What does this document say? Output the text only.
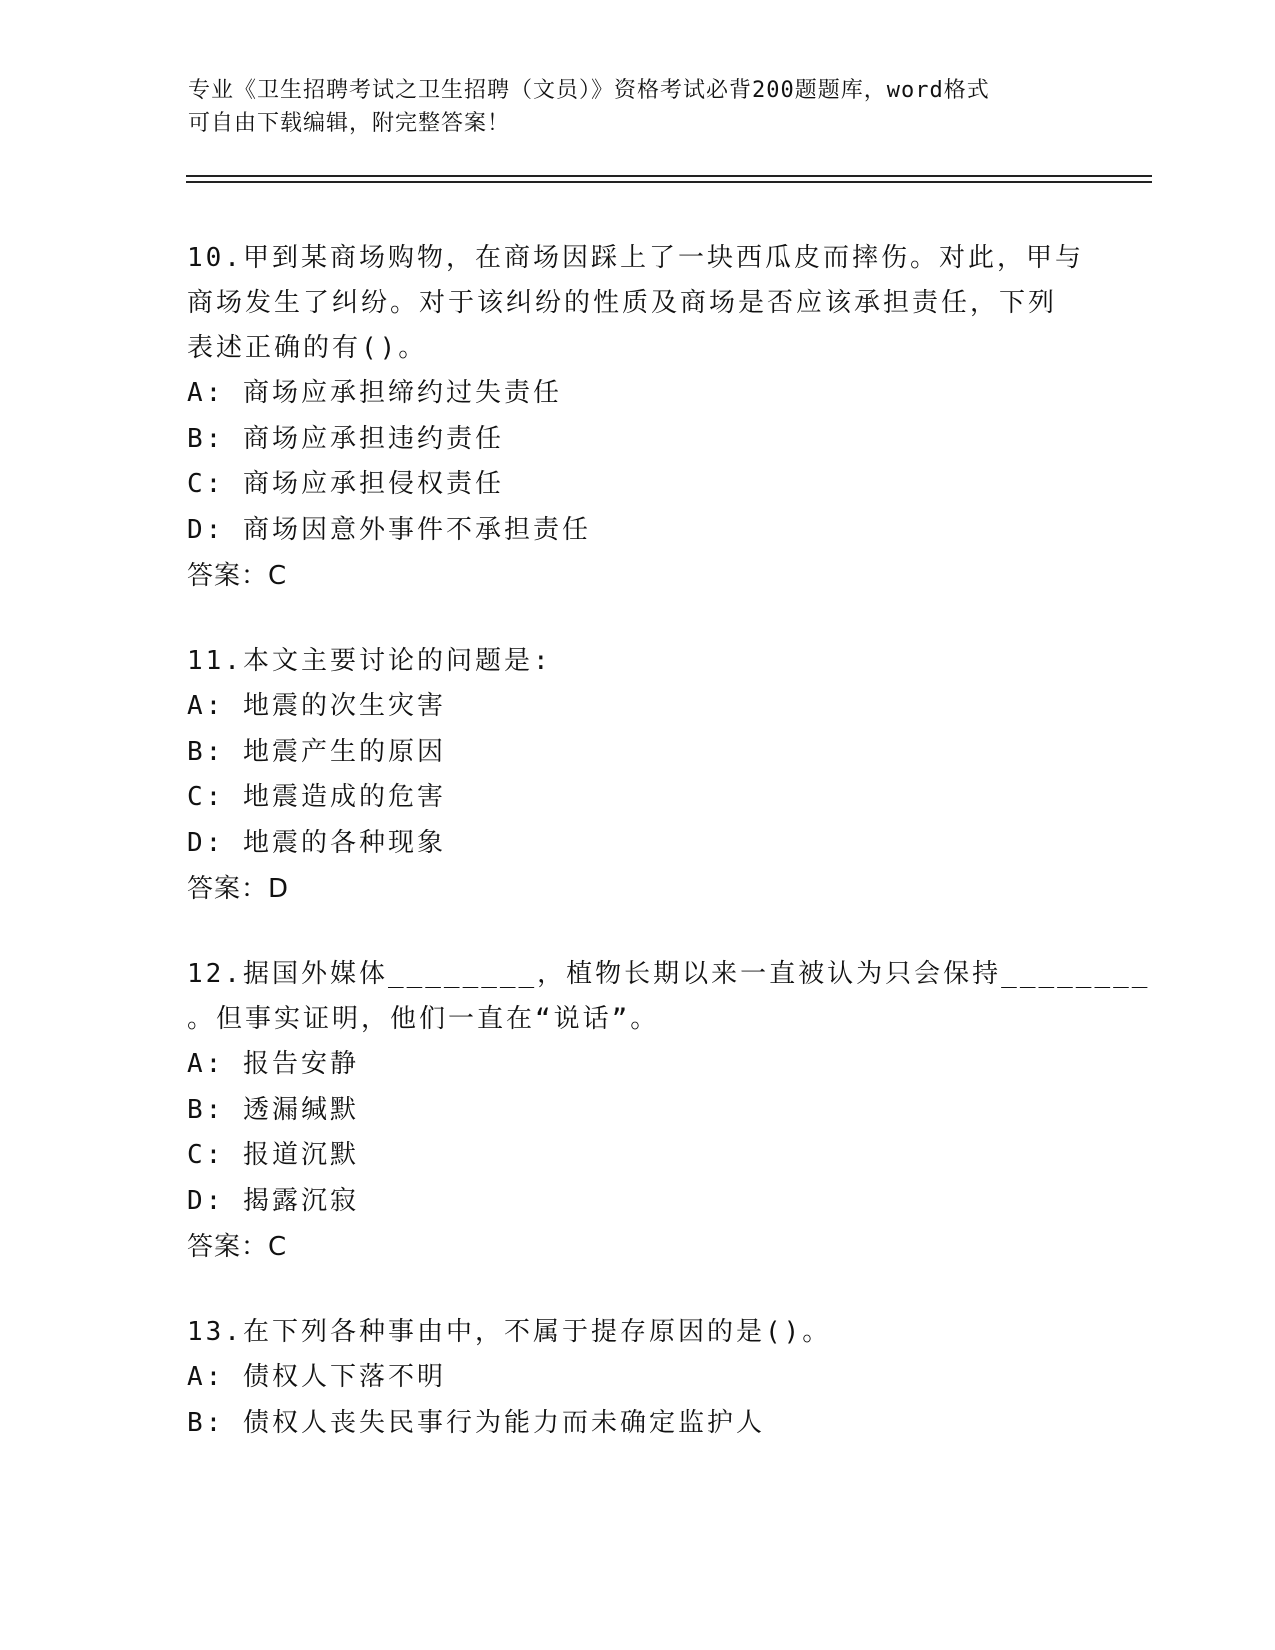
专业《卫生招聘考试之卫生招聘（文员）》资格考试必背200题题库，word格式
可自由下载编辑，附完整答案！
10.甲到某商场购物，在商场因踩上了一块西瓜皮而摔伤。对此，甲与
商场发生了纠纷。对于该纠纷的性质及商场是否应该承担责任，下列
表述正确的有()。
A: 商场应承担缔约过失责任
B: 商场应承担违约责任
C: 商场应承担侵权责任
D: 商场因意外事件不承担责任
答案：C
11.本文主要讨论的问题是:
A: 地震的次生灾害
B: 地震产生的原因
C: 地震造成的危害
D: 地震的各种现象
答案：D
12.据国外媒体________，植物长期以来一直被认为只会保持________
。但事实证明，他们一直在“说话”。
A: 报告安静
B: 透漏缄默
C: 报道沉默
D: 揭露沉寂
答案：C
13.在下列各种事由中，不属于提存原因的是()。
A: 债权人下落不明
B: 债权人丧失民事行为能力而未确定监护人
